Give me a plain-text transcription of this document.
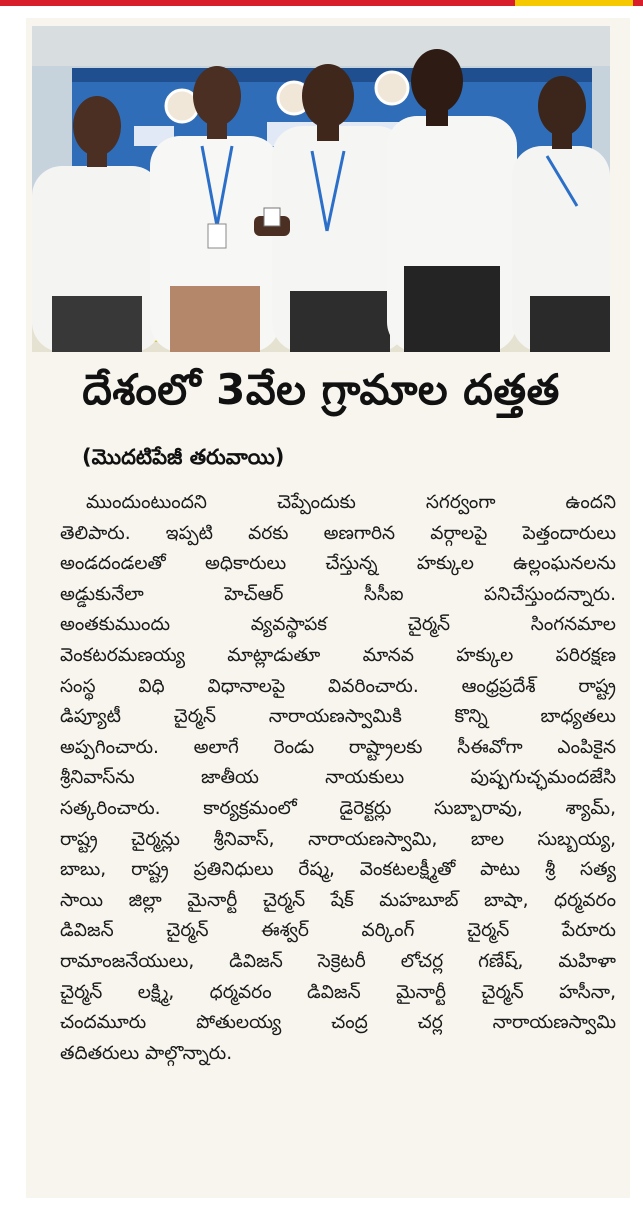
దేశంలో 3వేల గ్రామాల దత్తత
(మొదటిపేజీ తరువాయి)
ముందుంటుందని చెప్పేందుకు సగర్వంగా ఉందని
తెలిపారు. ఇప్పటి వరకు అణగారిన వర్గాలపై పెత్తందారులు
అండదండలతో అధికారులు చేస్తున్న హక్కుల ఉల్లంఘనలను
అడ్డుకునేలా హెచ్ఆర్ సీసీఐ పనిచేస్తుందన్నారు.
అంతకుముందు వ్యవస్థాపక చైర్మన్ సింగనమాల
వెంకటరమణయ్య మాట్లాడుతూ మానవ హక్కుల పరిరక్షణ
సంస్థ విధి విధానాలపై వివరించారు. ఆంధ్రప్రదేశ్ రాష్ట్ర
డిప్యూటీ చైర్మన్ నారాయణస్వామికి కొన్ని బాధ్యతలు
అప్పగించారు. అలాగే రెండు రాష్ట్రాలకు సీఈవోగా ఎంపికైన
శ్రీనివాస్‌ను జాతీయ నాయకులు పుష్పగుచ్ఛమందజేసి
సత్కరించారు. కార్యక్రమంలో డైరెక్టర్లు సుబ్బారావు, శ్యామ్,
రాష్ట్ర చైర్మన్లు శ్రీనివాస్, నారాయణస్వామి, బాల సుబ్బయ్య,
బాబు, రాష్ట్ర ప్రతినిధులు రేష్మ, వెంకటలక్ష్మీతో పాటు శ్రీ సత్య
సాయి జిల్లా మైనార్టీ చైర్మన్ షేక్ మహబూబ్ బాషా, ధర్మవరం
డివిజన్ చైర్మన్ ఈశ్వర్ వర్కింగ్ చైర్మన్ పేరూరు
రామాంజనేయులు, డివిజన్ సెక్రెటరీ లోచర్ల గణేష్, మహిళా
చైర్మన్ లక్ష్మి, ధర్మవరం డివిజన్ మైనార్టీ చైర్మన్ హసీనా,
చందమూరు పోతులయ్య చంద్ర చర్ల నారాయణస్వామి
తదితరులు పాల్గొన్నారు.
